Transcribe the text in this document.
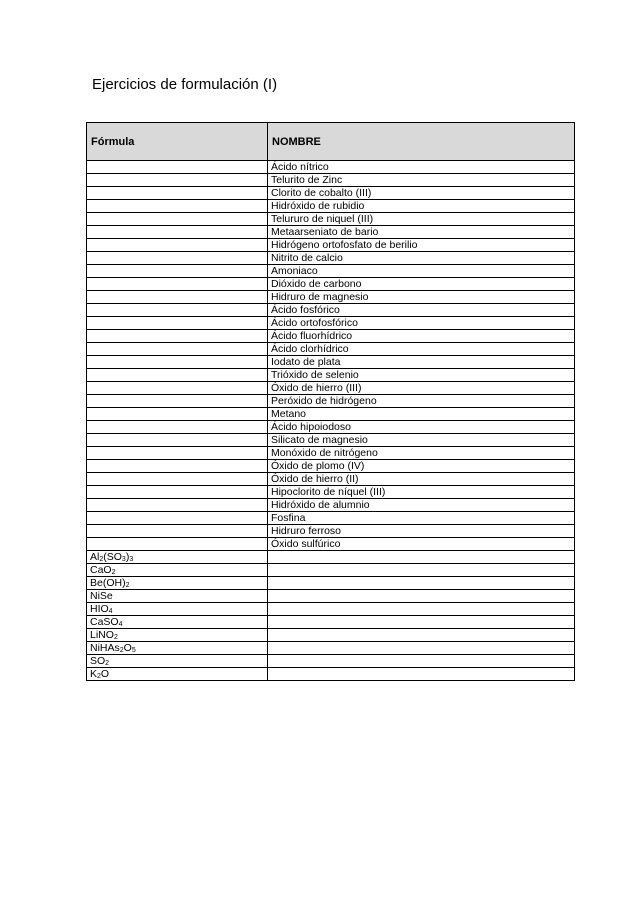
Ejercicios de formulación (I)
Fórmula	NOMBRE
	Ácido nítrico
	Telurito de Zinc
	Clorito de cobalto (III)
	Hidróxido de rubidio
	Telururo de niquel (III)
	Metaarseniato de bario
	Hidrógeno ortofosfato de berilio
	Nitrito de calcio
	Amoniaco
	Dióxido de carbono
	Hidruro de magnesio
	Ácido fosfórico
	Ácido ortofosfórico
	Ácido fluorhídrico
	Ácido clorhídrico
	Iodato de plata
	Trióxido de selenio
	Óxido de hierro (III)
	Peróxido de hidrógeno
	Metano
	Ácido hipoiodoso
	Silicato de magnesio
	Monóxido de nitrógeno
	Óxido de plomo (IV)
	Óxido de hierro (II)
	Hipoclorito de níquel (III)
	Hidróxido de alumnio
	Fosfina
	Hidruro ferroso
	Óxido sulfúrico
$Al_2(SO_3)_3$	
CaO$_2$	
$Be(OH)_2$	
NiSe	
$HIO_4$	
CaSO$_4$	
LiNO$_2$	
$NiHAs_2O_5$	
$SO_2$	
$K_2O$	
